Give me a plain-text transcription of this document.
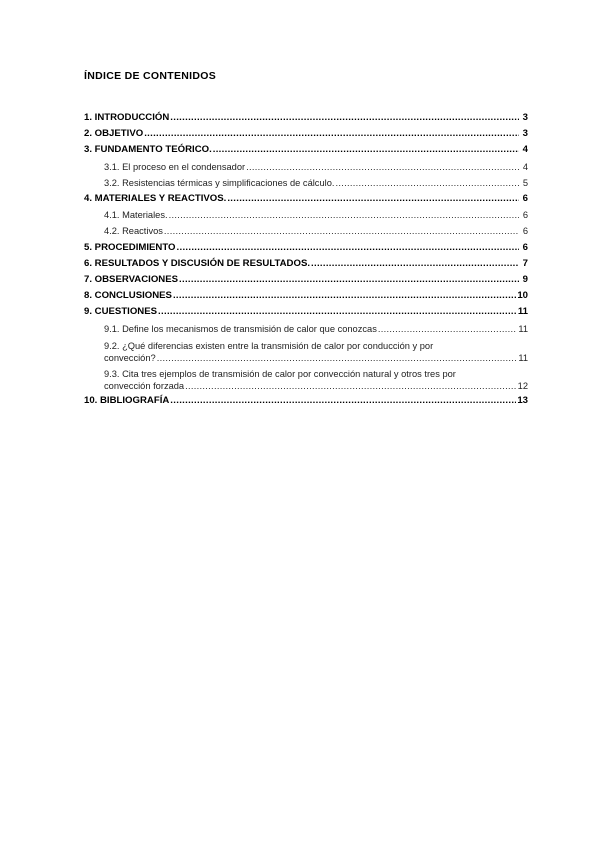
ÍNDICE DE CONTENIDOS
1. INTRODUCCIÓN .....	3
2. OBJETIVO .....	3
3. FUNDAMENTO TEÓRICO. .....	4
3.1. El proceso en el condensador .....	4
3.2. Resistencias térmicas y simplificaciones de cálculo. .....	5
4. MATERIALES Y REACTIVOS. .....	6
4.1. Materiales. .....	6
4.2. Reactivos .....	6
5. PROCEDIMIENTO .....	6
6. RESULTADOS Y DISCUSIÓN DE RESULTADOS. .....	7
7. OBSERVACIONES .....	9
8. CONCLUSIONES .....	10
9. CUESTIONES .....	11
9.1. Define los mecanismos de transmisión de calor que conozcas .....	11
9.2. ¿Qué diferencias existen entre la transmisión de calor por conducción y por
convección? .....	11
9.3. Cita tres ejemplos de transmisión de calor por convección natural y otros tres por
convección forzada .....	12
10. BIBLIOGRAFÍA .....	13
